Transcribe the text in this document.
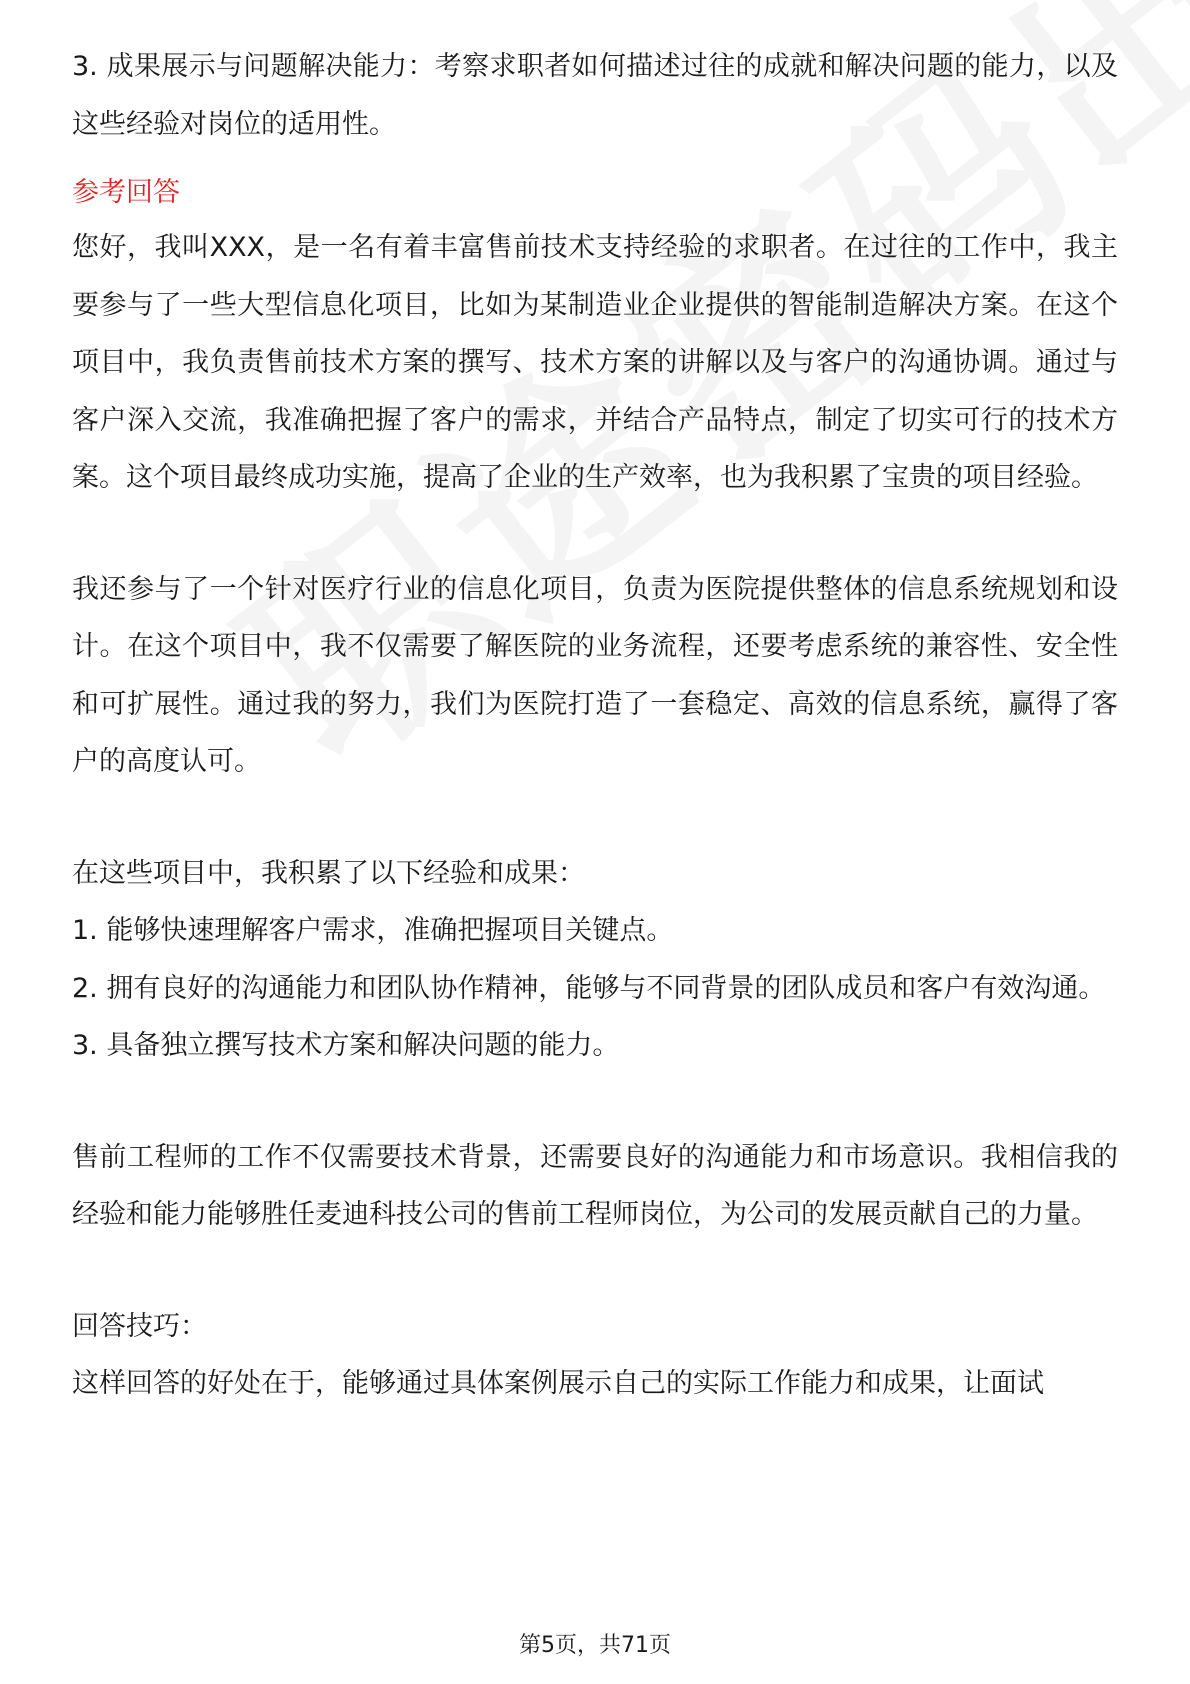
3. 成果展示与问题解决能力：考察求职者如何描述过往的成就和解决问题的能力，以及这些经验对岗位的适用性。

参考回答

您好，我叫XXX，是一名有着丰富售前技术支持经验的求职者。在过往的工作中，我主要参与了一些大型信息化项目，比如为某制造业企业提供的智能制造解决方案。在这个项目中，我负责售前技术方案的撰写、技术方案的讲解以及与客户的沟通协调。通过与客户深入交流，我准确把握了客户的需求，并结合产品特点，制定了切实可行的技术方案。这个项目最终成功实施，提高了企业的生产效率，也为我积累了宝贵的项目经验。

我还参与了一个针对医疗行业的信息化项目，负责为医院提供整体的信息系统规划和设计。在这个项目中，我不仅需要了解医院的业务流程，还要考虑系统的兼容性、安全性和可扩展性。通过我的努力，我们为医院打造了一套稳定、高效的信息系统，赢得了客户的高度认可。

在这些项目中，我积累了以下经验和成果：

1. 能够快速理解客户需求，准确把握项目关键点。

2. 拥有良好的沟通能力和团队协作精神，能够与不同背景的团队成员和客户有效沟通。

3. 具备独立撰写技术方案和解决问题的能力。

售前工程师的工作不仅需要技术背景，还需要良好的沟通能力和市场意识。我相信我的经验和能力能够胜任麦迪科技公司的售前工程师岗位，为公司的发展贡献自己的力量。

回答技巧：

这样回答的好处在于，能够通过具体案例展示自己的实际工作能力和成果，让面试

第5页，共71页
